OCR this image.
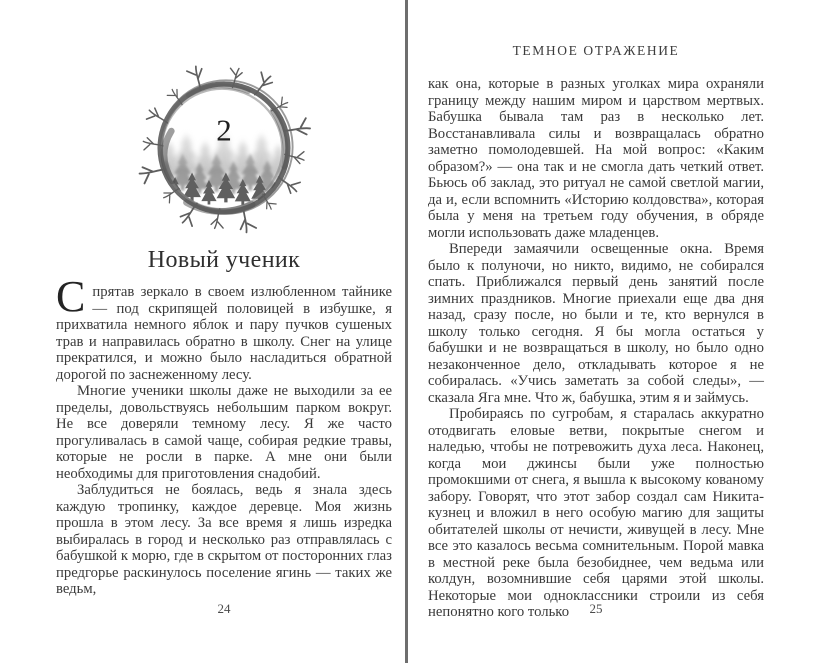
2
Новый ученик

Спрятав зеркало в своем излюбленном тайнике — под скрипящей половицей в избушке, я прихватила немного яблок и пару пучков сушеных трав и направилась обратно в школу. Снег на улице прекратился, и можно было насладиться обратной дорогой по заснеженному лесу.

Многие ученики школы даже не выходили за ее пределы, довольствуясь небольшим парком вокруг. Не все доверяли темному лесу. Я же часто прогуливалась в самой чаще, собирая редкие травы, которые не росли в парке. А мне они были необходимы для приготовления снадобий.

Заблудиться не боялась, ведь я знала здесь каждую тропинку, каждое деревце. Моя жизнь прошла в этом лесу. За все время я лишь изредка выбиралась в город и несколько раз отправлялась с бабушкой к морю, где в скрытом от посторонних глаз предгорье раскинулось поселение ягинь — таких же ведьм,

24
ТЕМНОЕ ОТРАЖЕНИЕ

как она, которые в разных уголках мира охраняли границу между нашим миром и царством мертвых. Бабушка бывала там раз в несколько лет. Восстанавливала силы и возвращалась обратно заметно помолодевшей. На мой вопрос: «Каким образом?» — она так и не смогла дать четкий ответ. Бьюсь об заклад, это ритуал не самой светлой магии, да и, если вспомнить «Историю колдовства», которая была у меня на третьем году обучения, в обряде могли использовать даже младенцев.

Впереди замаячили освещенные окна. Время было к полуночи, но никто, видимо, не собирался спать. Приближался первый день занятий после зимних праздников. Многие приехали еще два дня назад, сразу после, но были и те, кто вернулся в школу только сегодня. Я бы могла остаться у бабушки и не возвращаться в школу, но было одно незаконченное дело, откладывать которое я не собиралась. «Учись заметать за собой следы», — сказала Яга мне. Что ж, бабушка, этим я и займусь.

Пробираясь по сугробам, я старалась аккуратно отодвигать еловые ветви, покрытые снегом и наледью, чтобы не потревожить духа леса. Наконец, когда мои джинсы были уже полностью промокшими от снега, я вышла к высокому кованому забору. Говорят, что этот забор создал сам Никита-кузнец и вложил в него особую магию для защиты обитателей школы от нечисти, живущей в лесу. Мне все это казалось весьма сомнительным. Порой мавка в местной реке была безобиднее, чем ведьма или колдун, возомнившие себя царями этой школы. Некоторые мои одноклассники строили из себя непонятно кого только	25
